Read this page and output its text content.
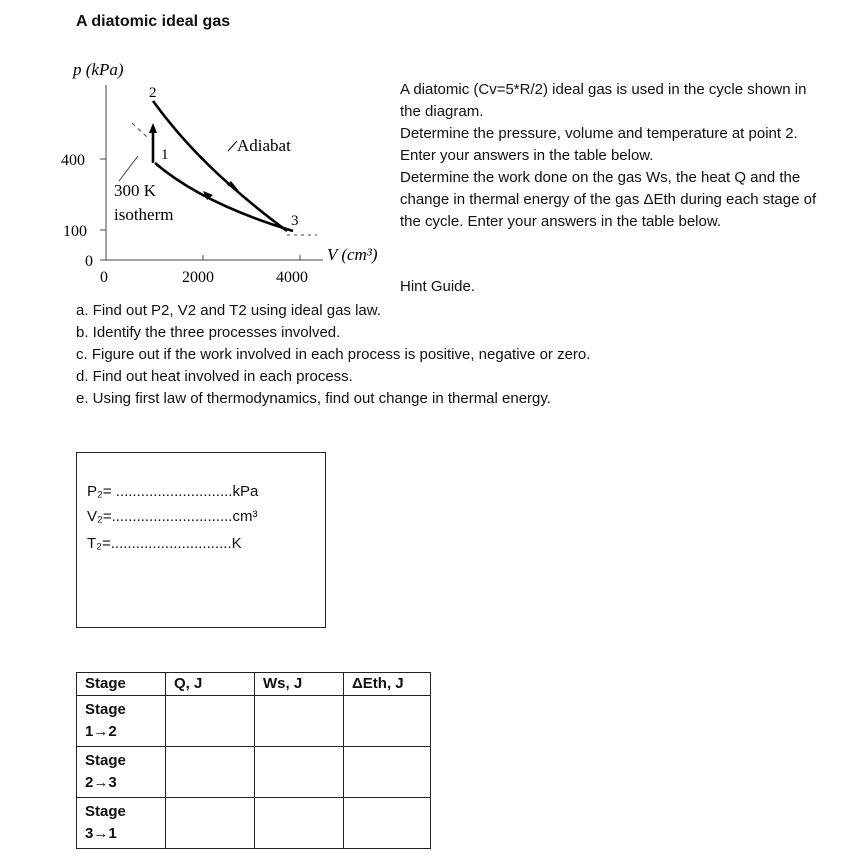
A diatomic ideal gas
p (kPa)
400
100
0
0	2000	4000
V (cm³)
2
1
3
Adiabat
300 K
isotherm

A diatomic (Cv=5*R/2) ideal gas is used in the cycle shown in the diagram.

Determine the pressure, volume and temperature at point 2. Enter your answers in the table below.

Determine the work done on the gas Ws, the heat Q and the change in thermal energy of the gas ΔEth during each stage of the cycle. Enter your answers in the table below.

Hint Guide.
a. Find out P2, V2 and T2 using ideal gas law.
b. Identify the three processes involved.
c. Figure out if the work involved in each process is positive, negative or zero.
d. Find out heat involved in each process.
e. Using first law of thermodynamics, find out change in thermal energy.
P₂= ............................kPa
V₂=.............................cm³
T₂=.............................K
Stage	Q, J	Ws, J	ΔEth, J
Stage
1→2			
Stage
2→3			
Stage
3→1			
